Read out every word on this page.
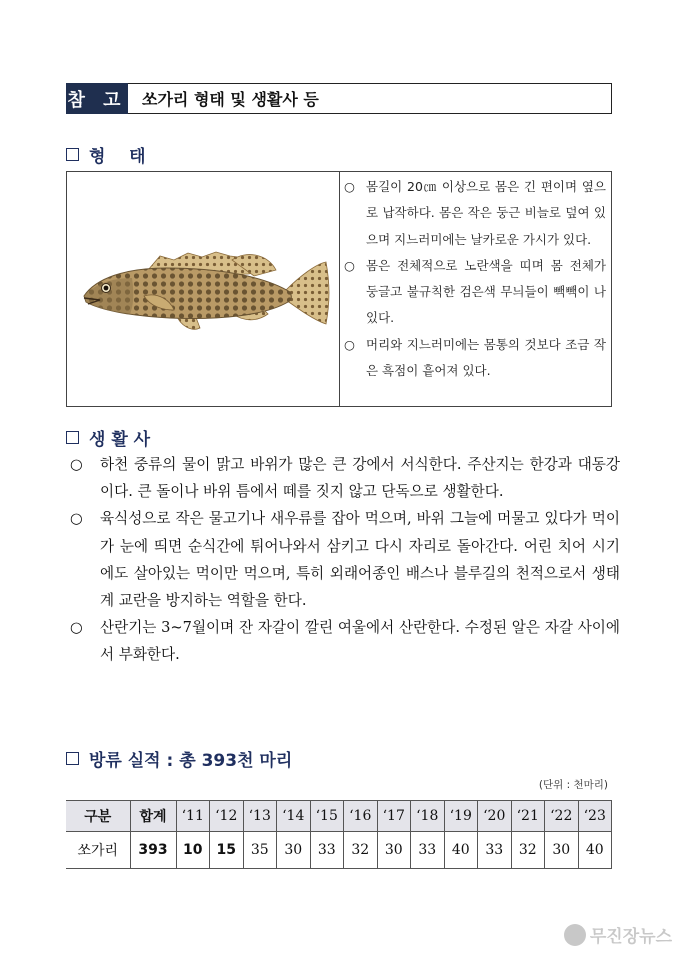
참 고 쏘가리 형태 및 생활사 등
형    태
○ 몸길이 20㎝ 이상으로 몸은 긴 편이며 옆으로 납작하다. 몸은 작은 둥근 비늘로 덮여 있으며 지느러미에는 날카로운 가시가 있다.
○ 몸은 전체적으로 노란색을 띠며 몸 전체가 둥글고 불규칙한 검은색 무늬들이 빽빽이 나 있다.
○ 머리와 지느러미에는 몸통의 것보다 조금 작은 흑점이 흩어져 있다.
생 활 사
○	하천 중류의 물이 맑고 바위가 많은 큰 강에서 서식한다. 주산지는 한강과 대동강이다. 큰 돌이나 바위 틈에서 떼를 짓지 않고 단독으로 생활한다.
○	육식성으로 작은 물고기나 새우류를 잡아 먹으며, 바위 그늘에 머물고 있다가 먹이가 눈에 띄면 순식간에 튀어나와서 삼키고 다시 자리로 돌아간다. 어린 치어 시기에도 살아있는 먹이만 먹으며, 특히 외래어종인 배스나 블루길의 천적으로서 생태계 교란을 방지하는 역할을 한다.
○	산란기는 3~7월이며 잔 자갈이 깔린 여울에서 산란한다. 수정된 알은 자갈 사이에서 부화한다.
방류 실적 : 총 393천 마리
(단위 : 천마리)
구분	합계	‘11	‘12	‘13	‘14	‘15	‘16	‘17	‘18	‘19	‘20	‘21	‘22	‘23
쏘가리	393	10	15	35	30	33	32	30	33	40	33	32	30	40
무진장뉴스
